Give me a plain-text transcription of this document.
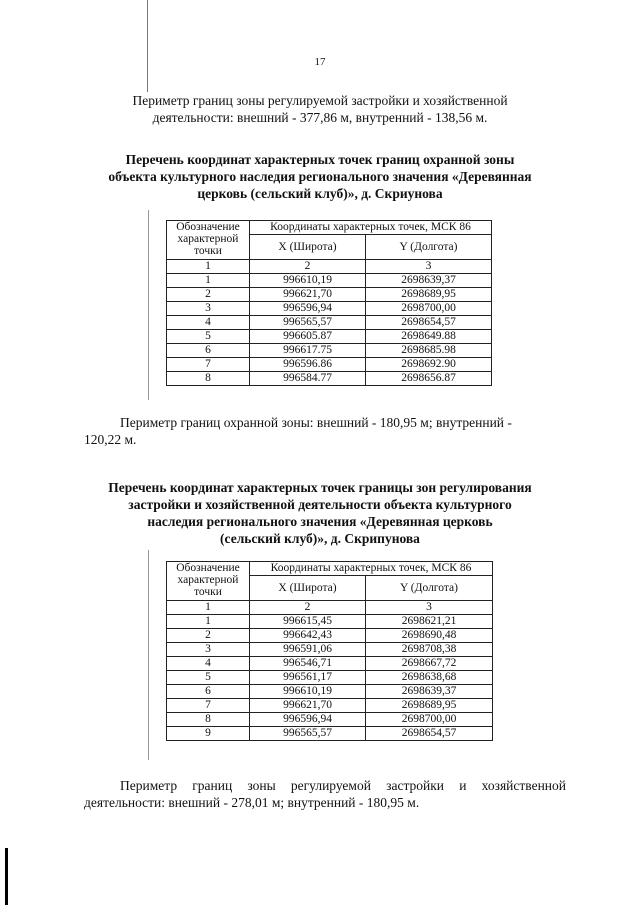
17
Периметр границ зоны регулируемой застройки и хозяйственной
деятельности: внешний - 377,86 м, внутренний - 138,56 м.
Перечень координат характерных точек границ охранной зоны
объекта культурного наследия регионального значения «Деревянная
церковь (сельский клуб)», д. Скриунова
Обозначение характерной точки	Координаты характерных точек, МСК 86	
	X (Широта)	Y (Долгота)
1	2	3
1	996610,19	2698639,37
2	996621,70	2698689,95
3	996596,94	2698700,00
4	996565,57	2698654,57
5	996605.87	2698649.88
6	996617.75	2698685.98
7	996596.86	2698692.90
8	996584.77	2698656.87
Периметр границ охранной зоны: внешний - 180,95 м; внутренний -
120,22 м.
Перечень координат характерных точек границы зон регулирования
застройки и хозяйственной деятельности объекта культурного
наследия регионального значения «Деревянная церковь
(сельский клуб)», д. Скрипунова
Обозначение характерной точки	Координаты характерных точек, МСК 86	
	X (Широта)	Y (Долгота)
1	2	3
1	996615,45	2698621,21
2	996642,43	2698690,48
3	996591,06	2698708,38
4	996546,71	2698667,72
5	996561,17	2698638,68
6	996610,19	2698639,37
7	996621,70	2698689,95
8	996596,94	2698700,00
9	996565,57	2698654,57
Периметр границ зоны регулируемой застройки и хозяйственной
деятельности: внешний - 278,01 м; внутренний - 180,95 м.
